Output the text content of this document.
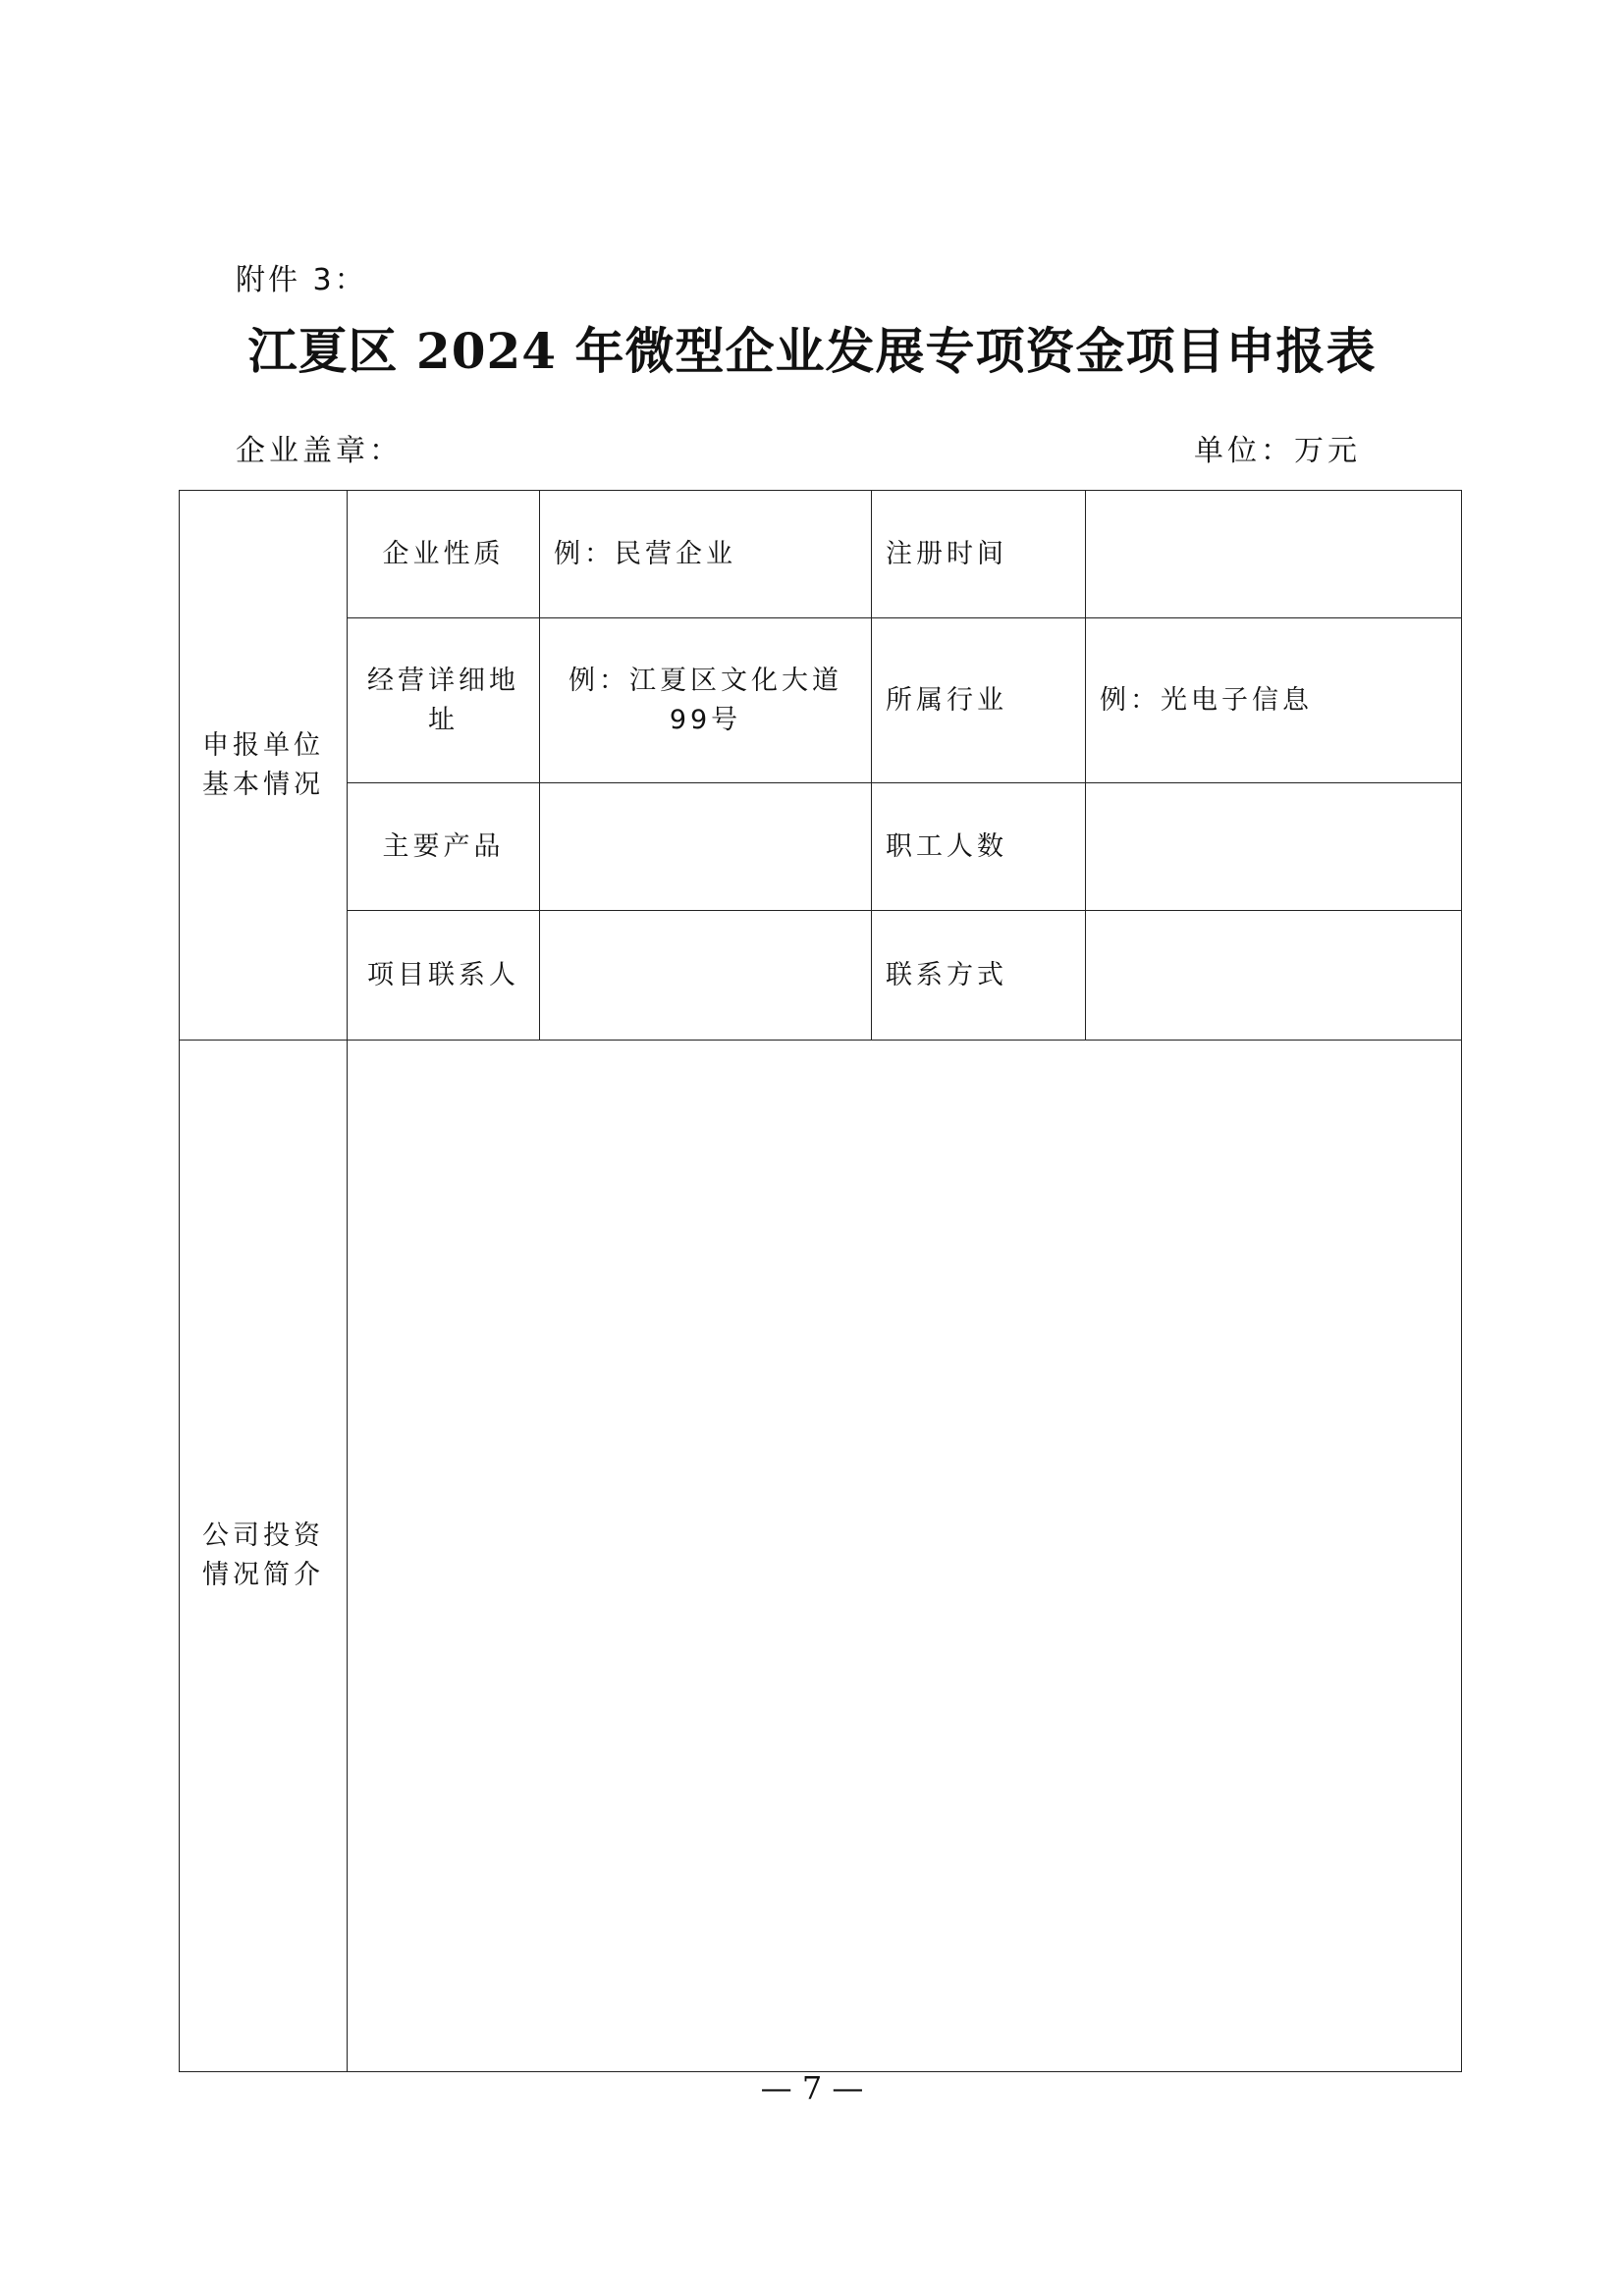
附件 3：
江夏区 2024 年微型企业发展专项资金项目申报表
企业盖章：	单位：万元
申报单位基本情况	企业性质	例：民营企业	注册时间	
	经营详细地址	例：江夏区文化大道99号	所属行业	例：光电子信息
	主要产品		职工人数	
	项目联系人		联系方式	
公司投资情况简介				
— 7 —
